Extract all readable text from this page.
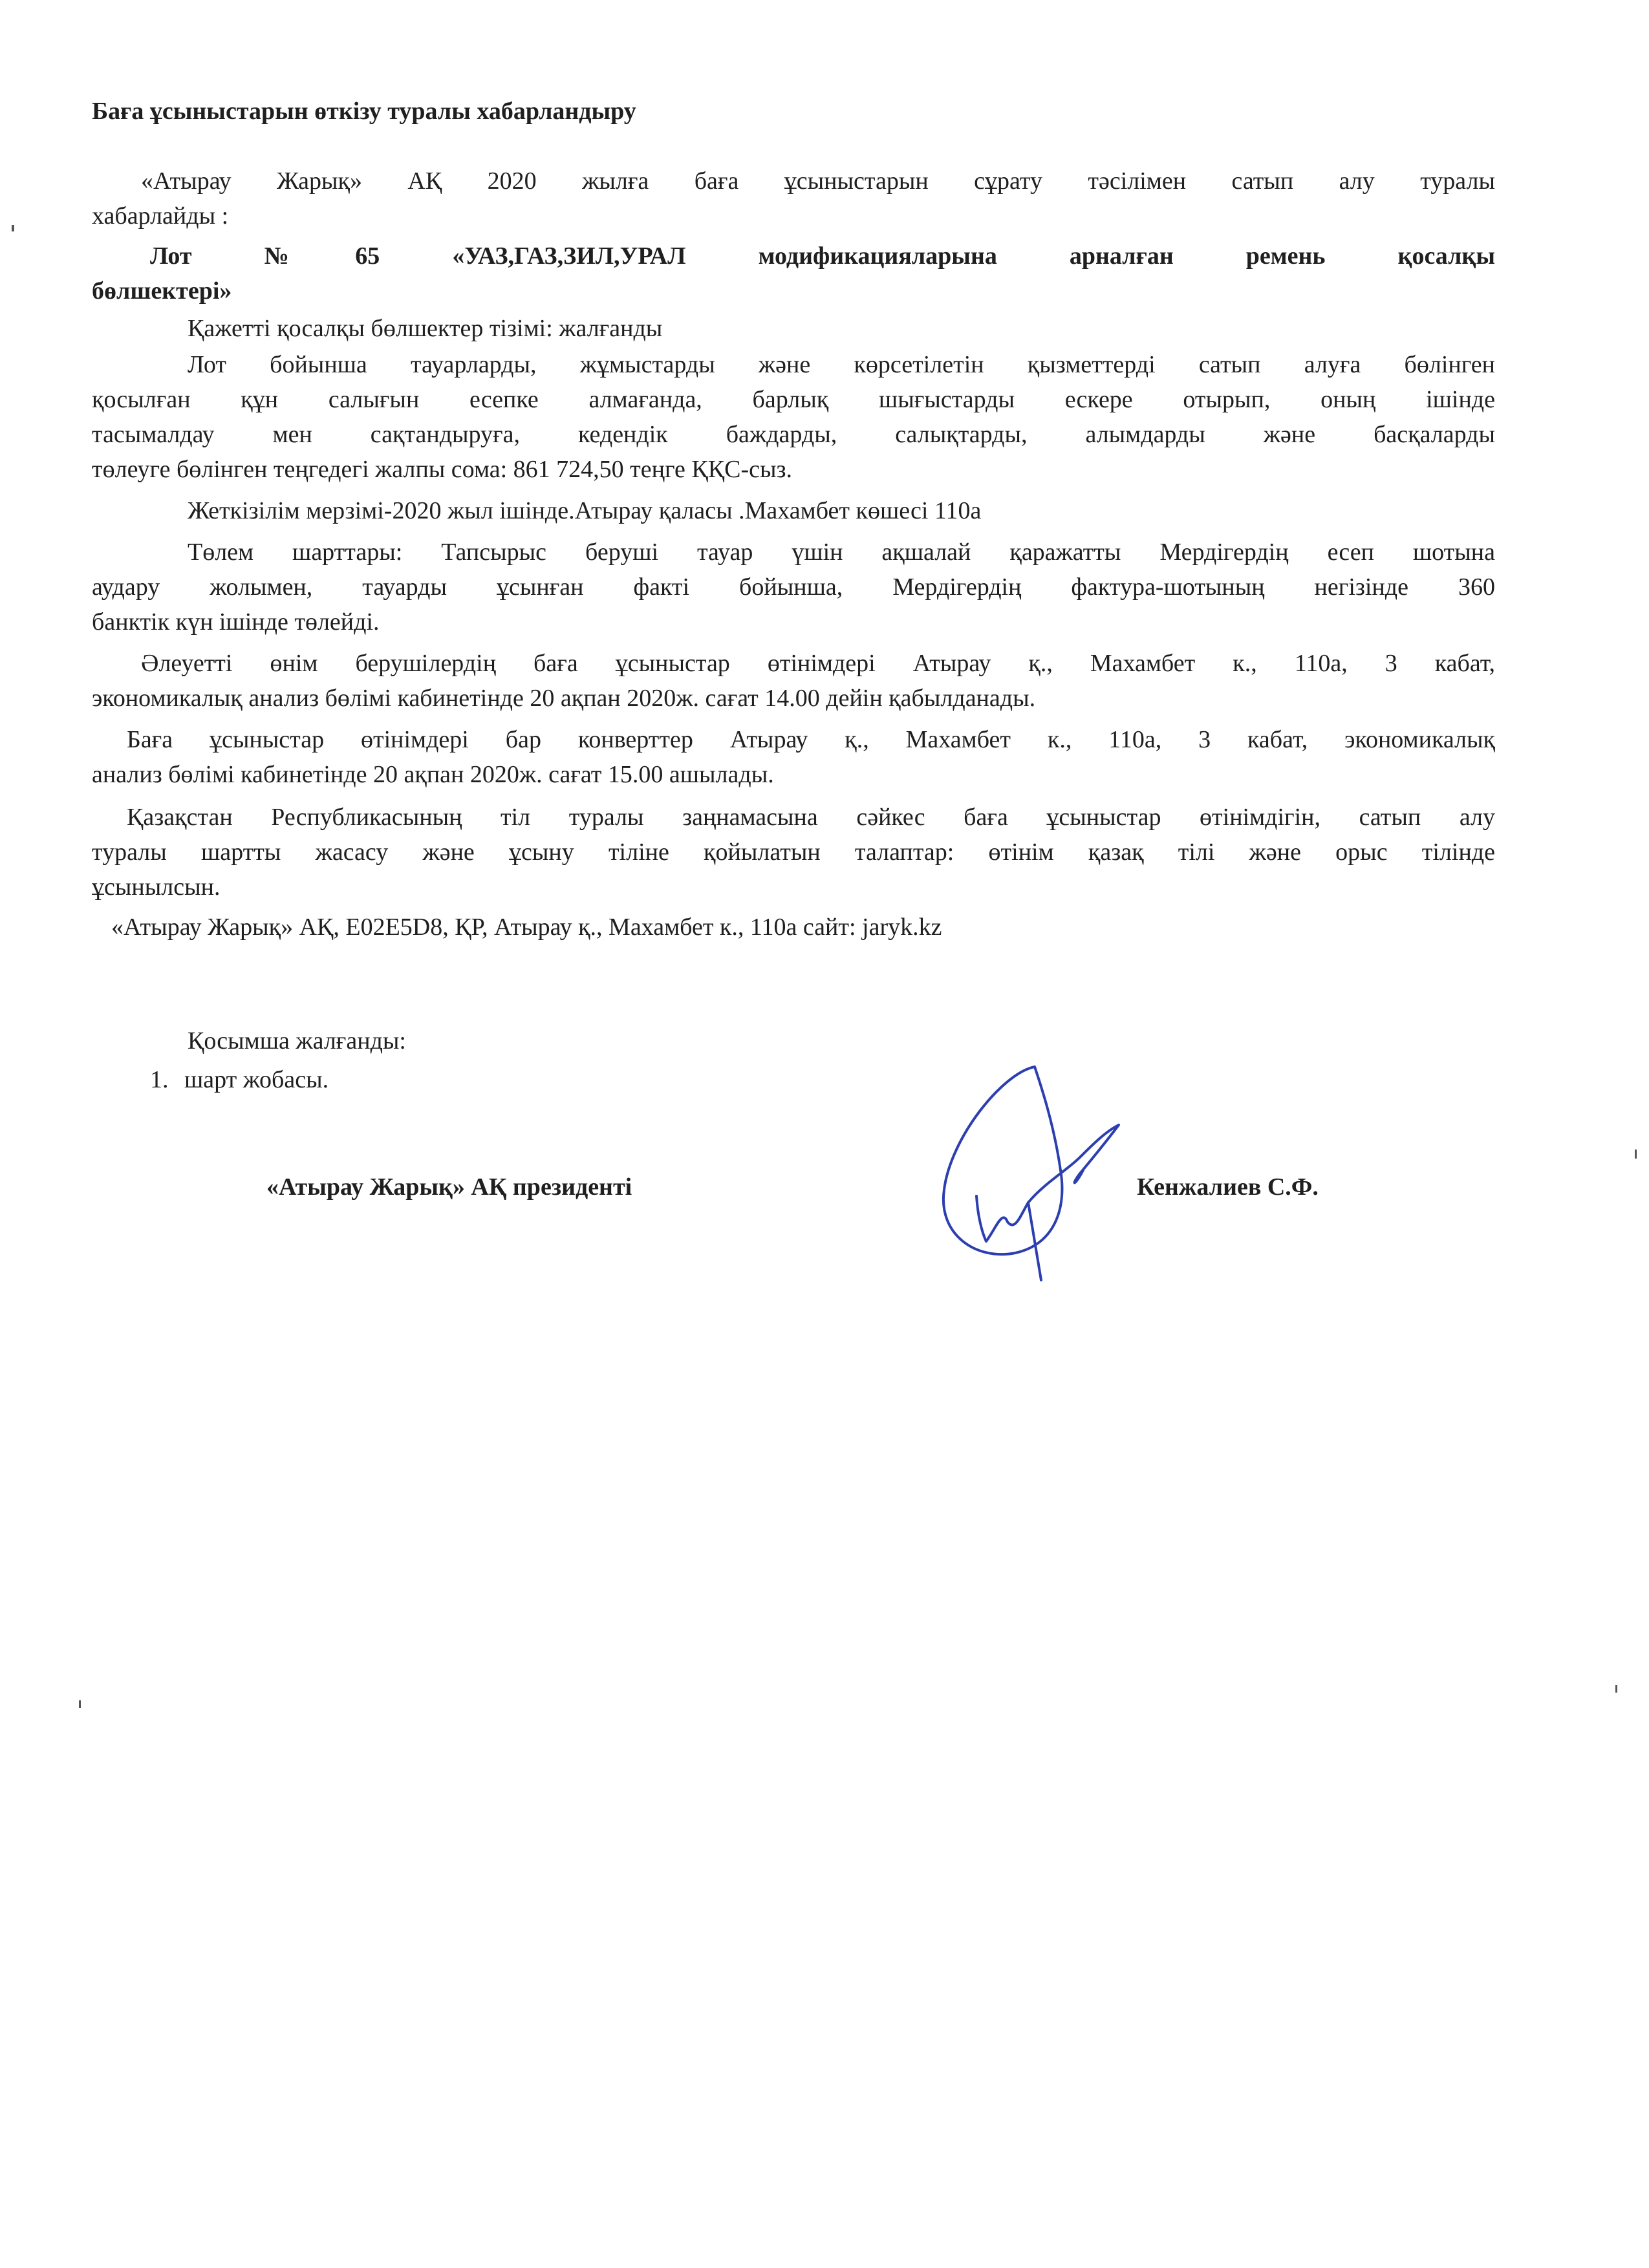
Баға ұсыныстарын өткізу туралы хабарландыру
«Атырау Жарық» АҚ 2020 жылға баға ұсыныстарын сұрату тәсілімен сатып алу туралы
хабарлайды :
Лот №65 «УАЗ,ГАЗ,ЗИЛ,УРАЛ модификацияларына арналған ремень қосалқы
бөлшектері»
Қажетті қосалқы бөлшектер тізімі: жалғанды
Лот бойынша тауарларды, жұмыстарды және көрсетілетін қызметтерді сатып алуға бөлінген
қосылған құн салығын есепке алмағанда, барлық шығыстарды ескере отырып, оның ішінде
тасымалдау мен сақтандыруға, кедендік баждарды, салықтарды, алымдарды және басқаларды
төлеуге бөлінген теңгедегі жалпы сома: 861 724,50 теңге ҚҚС-сыз.
Жеткізілім мерзімі-2020 жыл ішінде.Атырау қаласы .Махамбет көшесі 110а
Төлем шарттары: Тапсырыс беруші тауар үшін ақшалай қаражатты Мердігердің есеп шотына
аудару жолымен, тауарды ұсынған факті бойынша, Мердігердің фактура-шотының негізінде 360
банктік күн ішінде төлейді.
Әлеуетті өнім берушілердің баға ұсыныстар өтінімдері Атырау қ., Махамбет к., 110а, 3 кабат,
экономикалық анализ бөлімі кабинетінде 20 ақпан 2020ж. сағат 14.00 дейін қабылданады.
Баға ұсыныстар өтінімдері бар конверттер Атырау қ., Махамбет к., 110а, 3 кабат, экономикалық
анализ бөлімі кабинетінде 20 ақпан 2020ж. сағат 15.00 ашылады.
Қазақстан Республикасының тіл туралы заңнамасына сәйкес баға ұсыныстар өтінімдігін, сатып алу
туралы шартты жасасу және ұсыну тіліне қойылатын талаптар: өтінім қазақ тілі және орыс тілінде
ұсынылсын.
«Атырау Жарық» АҚ, Е02Е5D8, ҚР, Атырау қ., Махамбет к., 110а сайт: jaryk.kz
Қосымша жалғанды:
1. шарт жобасы.
«Атырау Жарық» АҚ президенті	Кенжалиев С.Ф.
